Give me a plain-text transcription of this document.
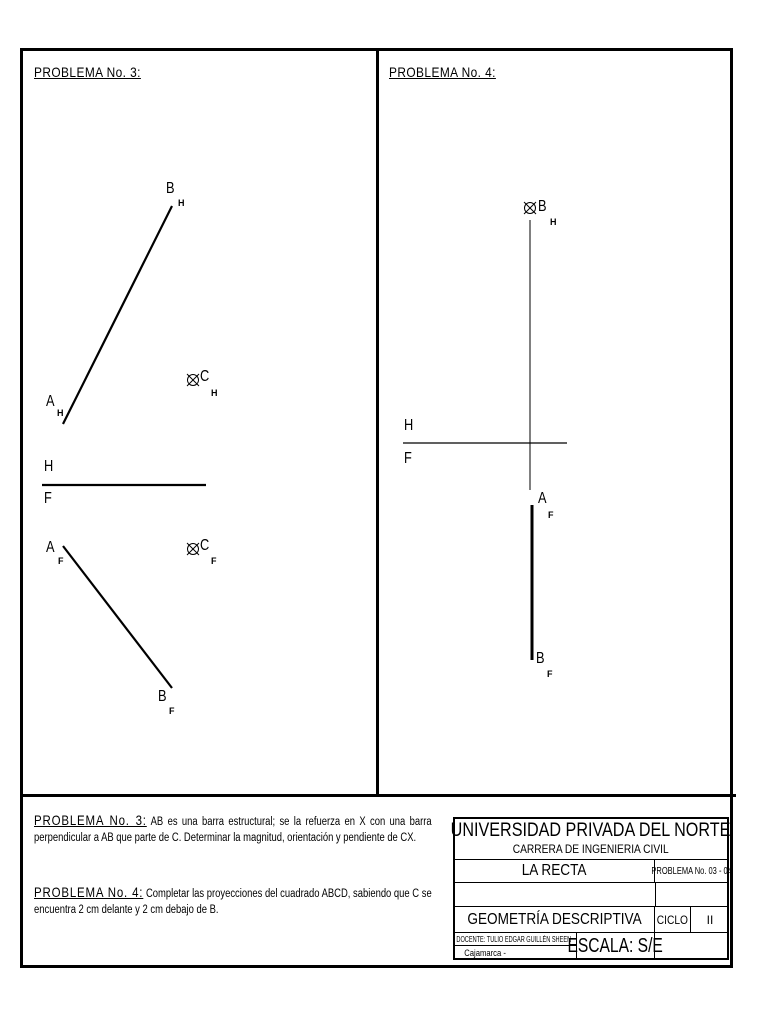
PROBLEMA No. 3:	PROBLEMA No. 4:
B
H
A
H
C
H
H
F
A
F
C
F
B
F
B
H
H
F
A
F
B
F
PROBLEMA No. 3: AB es una barra estructural; se la refuerza en X con una barra perpendicular a AB que parte de C. Determinar la magnitud, orientación y pendiente de CX.
PROBLEMA No. 4: Completar las proyecciones del cuadrado ABCD, sabiendo que C se encuentra 2 cm delante y 2 cm debajo de B.
UNIVERSIDAD PRIVADA DEL NORTE
CARRERA DE INGENIERIA CIVIL
LA RECTA	PROBLEMA No. 03 - 04
GEOMETRÍA DESCRIPTIVA CICLO II
DOCENTE: TULIO EDGAR GUILLÉN SHEEN
Cajamarca -	ESCALA: S/E
